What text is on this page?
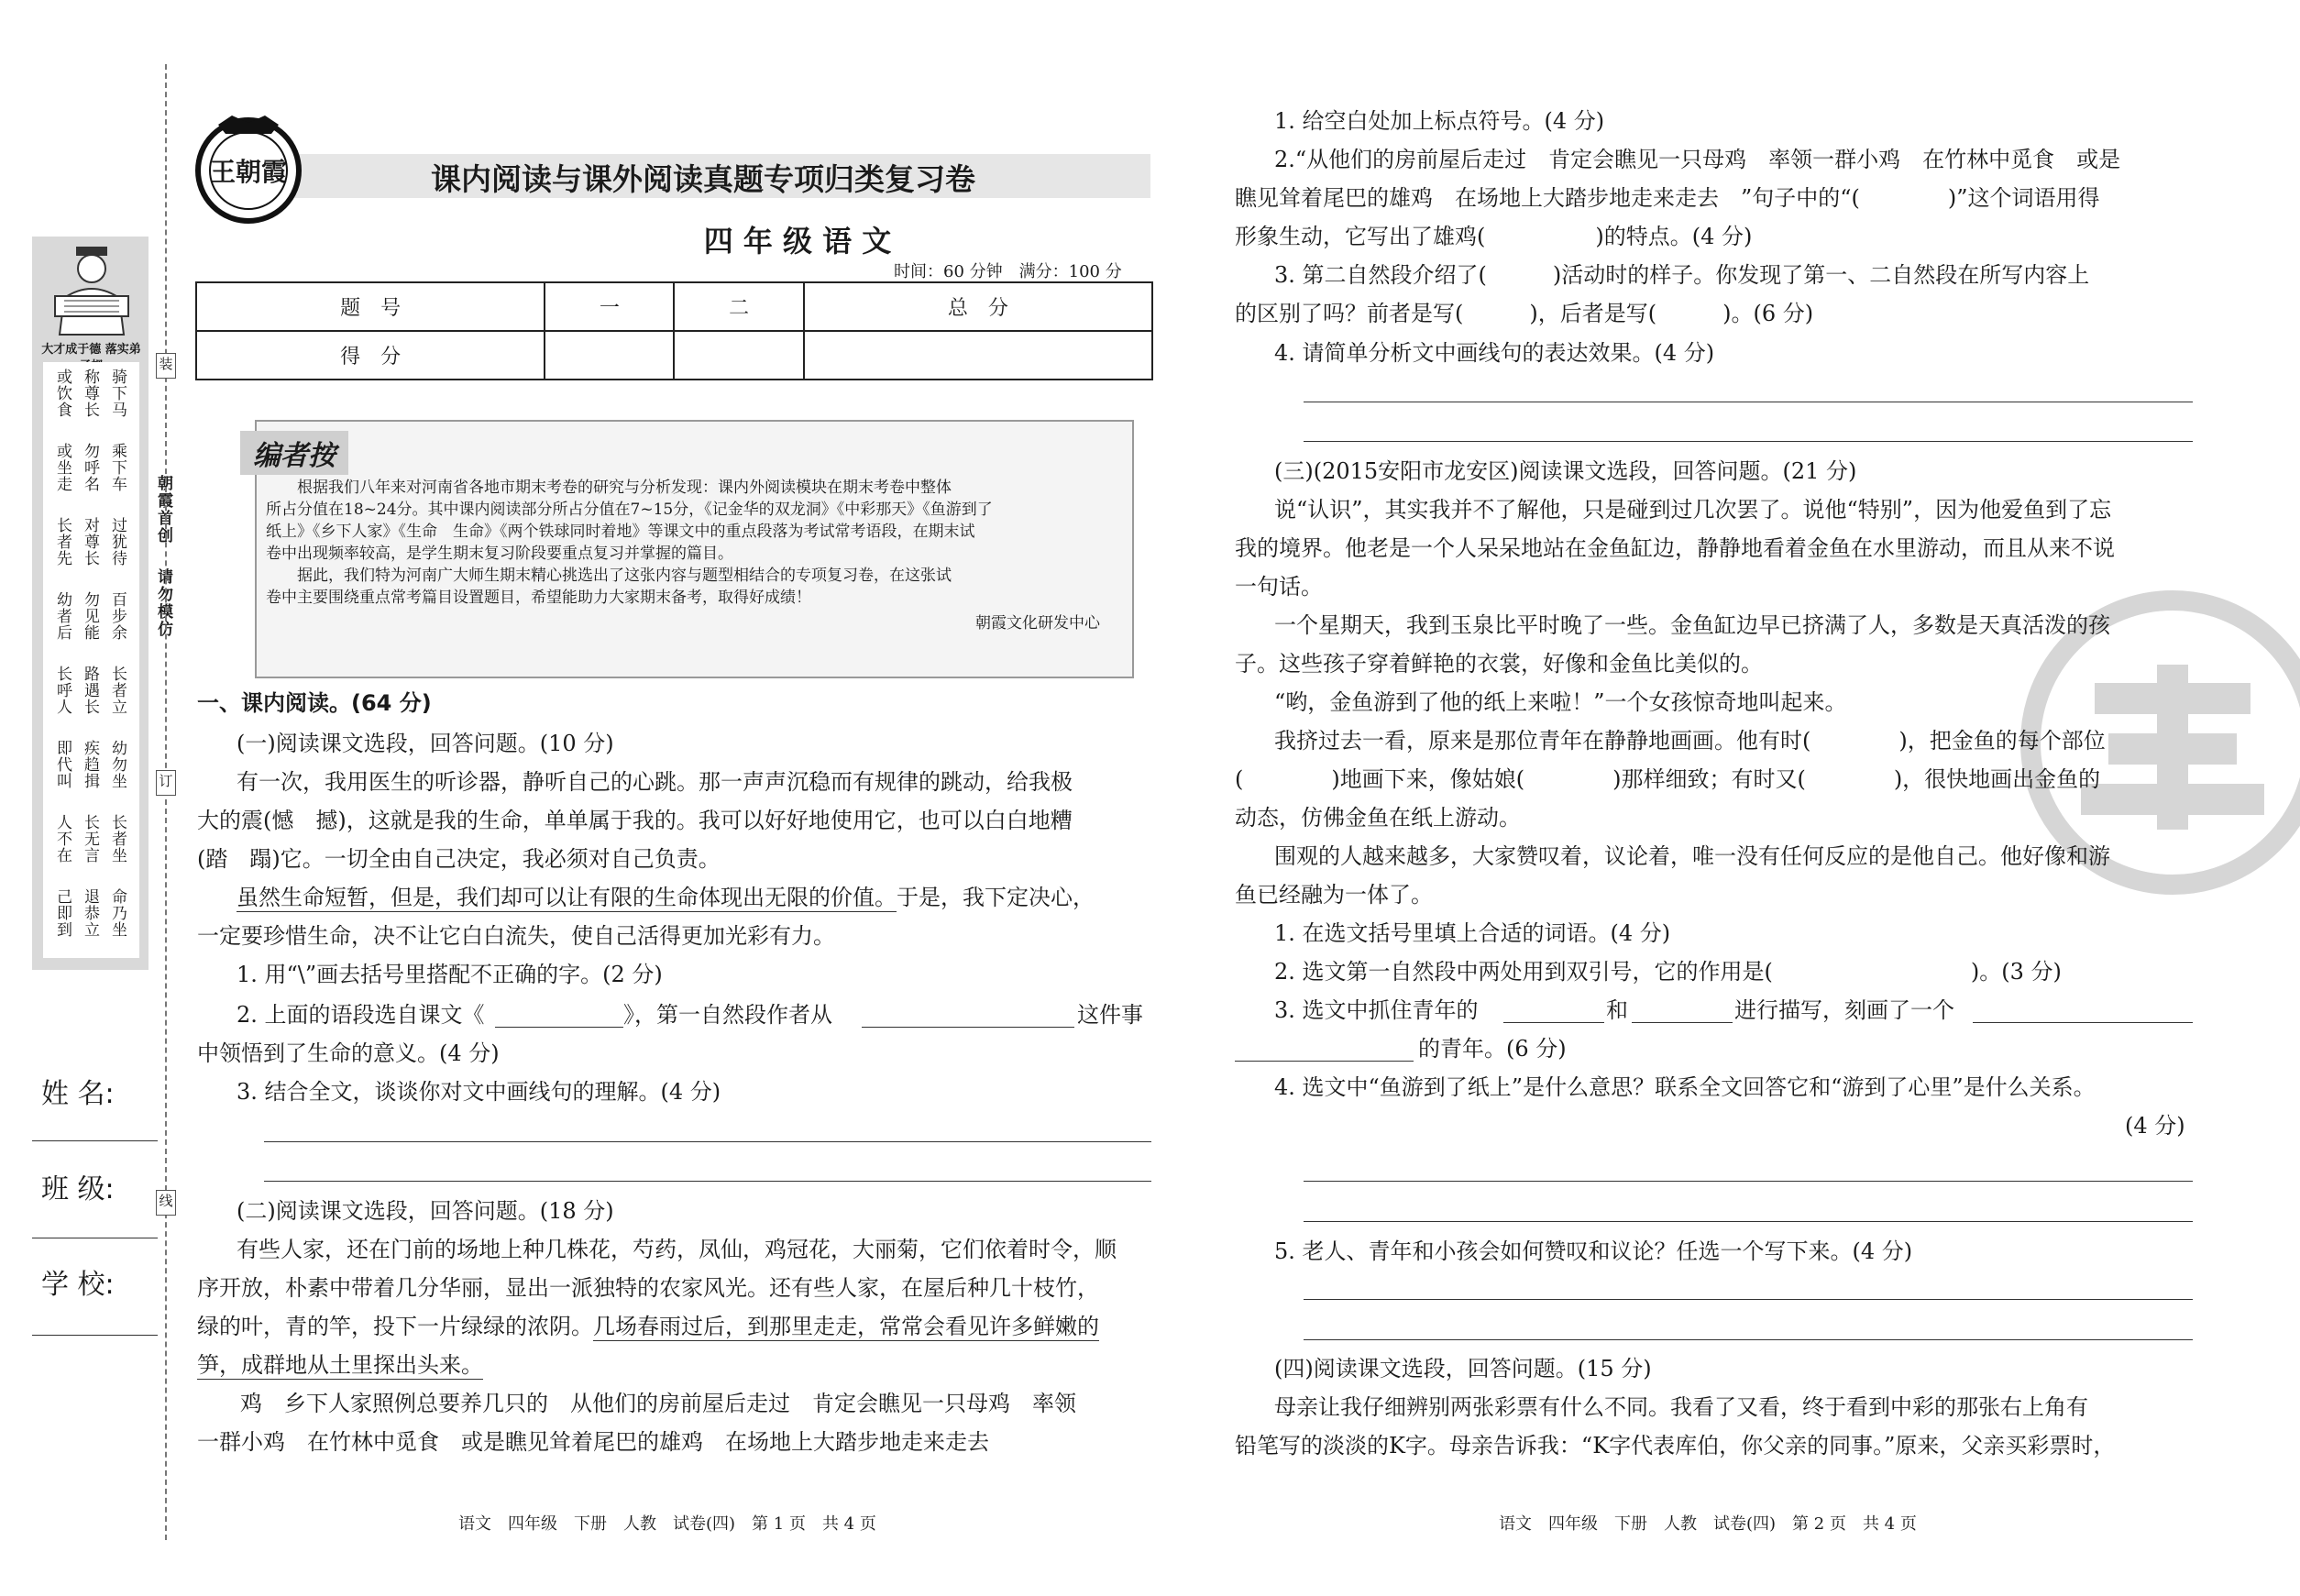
大才成于德 落实弟
骑下马
称尊长
或饮食
乘下车
勿呼名
或坐走
过犹待
对尊长
长者先
百步余
勿见能
幼者后
长者立
路遇长
长呼人
幼勿坐
疾趋揖
即代叫
长者坐
长无言
人不在
命乃坐
退恭立
己即到
朝霞首创
请勿模仿
装
订
线
姓 名:
班 级:
学 校:
王朝霞	课内阅读与课外阅读真题专项归类复习卷
四 年 级 语 文
时间：60 分钟　满分：100 分
题　号	一	二	总　分
得　分			
编者按
根据我们八年来对河南省各地市期末考卷的研究与分析发现：课内外阅读模块在期末考卷中整体
所占分值在18~24分。其中课内阅读部分所占分值在7~15分，《记金华的双龙洞》《中彩那天》《鱼游到了
纸上》《乡下人家》《生命　生命》《两个铁球同时着地》等课文中的重点段落为考试常考语段，在期末试
卷中出现频率较高，是学生期末复习阶段要重点复习并掌握的篇目。
据此，我们特为河南广大师生期末精心挑选出了这张内容与题型相结合的专项复习卷，在这张试
卷中主要围绕重点常考篇目设置题目，希望能助力大家期末备考，取得好成绩！
朝霞文化研发中心
一、课内阅读。(64 分)
(一)阅读课文选段，回答问题。(10 分)
有一次，我用医生的听诊器，静听自己的心跳。那一声声沉稳而有规律的跳动，给我极
大的震(憾　撼)，这就是我的生命，单单属于我的。我可以好好地使用它，也可以白白地糟
(踏　蹋)它。一切全由自己决定，我必须对自己负责。
虽然生命短暂，但是，我们却可以让有限的生命体现出无限的价值。于是，我下定决心，
一定要珍惜生命，决不让它白白流失，使自己活得更加光彩有力。
1. 用“\”画去括号里搭配不正确的字。(2 分)
2. 上面的语段选自课文《	》，第一自然段作者从	这件事
中领悟到了生命的意义。(4 分)
3. 结合全文，谈谈你对文中画线句的理解。(4 分)
(二)阅读课文选段，回答问题。(18 分)
有些人家，还在门前的场地上种几株花，芍药，凤仙，鸡冠花，大丽菊，它们依着时令，顺
序开放，朴素中带着几分华丽，显出一派独特的农家风光。还有些人家，在屋后种几十枝竹，
绿的叶，青的竿，投下一片绿绿的浓阴。几场春雨过后，到那里走走，常常会看见许多鲜嫩的
笋，成群地从土里探出头来。
鸡　乡下人家照例总要养几只的　从他们的房前屋后走过　肯定会瞧见一只母鸡　率领
一群小鸡　在竹林中觅食　或是瞧见耸着尾巴的雄鸡　在场地上大踏步地走来走去
语文　四年级　下册　人教　试卷(四)　第 1 页　共 4 页
1. 给空白处加上标点符号。(4 分)
2.“从他们的房前屋后走过　肯定会瞧见一只母鸡　率领一群小鸡　在竹林中觅食　或是
瞧见耸着尾巴的雄鸡　在场地上大踏步地走来走去　”句子中的“(　　　　)”这个词语用得
形象生动，它写出了雄鸡(　　　　　)的特点。(4 分)
3. 第二自然段介绍了(　　　)活动时的样子。你发现了第一、二自然段在所写内容上
的区别了吗？前者是写(　　　)，后者是写(　　　)。(6 分)
4. 请简单分析文中画线句的表达效果。(4 分)
(三)(2015安阳市龙安区)阅读课文选段，回答问题。(21 分)
说“认识”，其实我并不了解他，只是碰到过几次罢了。说他“特别”，因为他爱鱼到了忘
我的境界。他老是一个人呆呆地站在金鱼缸边，静静地看着金鱼在水里游动，而且从来不说
一句话。
一个星期天，我到玉泉比平时晚了一些。金鱼缸边早已挤满了人，多数是天真活泼的孩
子。这些孩子穿着鲜艳的衣裳，好像和金鱼比美似的。
“哟，金鱼游到了他的纸上来啦！”一个女孩惊奇地叫起来。
我挤过去一看，原来是那位青年在静静地画画。他有时(　　　　)，把金鱼的每个部位
(　　　　)地画下来，像姑娘(　　　　)那样细致；有时又(　　　　)，很快地画出金鱼的
动态，仿佛金鱼在纸上游动。
围观的人越来越多，大家赞叹着，议论着，唯一没有任何反应的是他自己。他好像和游
鱼已经融为一体了。
1. 在选文括号里填上合适的词语。(4 分)
2. 选文第一自然段中两处用到双引号，它的作用是(　　　　　　　　　)。(3 分)
3. 选文中抓住青年的	和	进行描写，刻画了一个
的青年。(6 分)
4. 选文中“鱼游到了纸上”是什么意思？联系全文回答它和“游到了心里”是什么关系。
(4 分)
5. 老人、青年和小孩会如何赞叹和议论？任选一个写下来。(4 分)
(四)阅读课文选段，回答问题。(15 分)
母亲让我仔细辨别两张彩票有什么不同。我看了又看，终于看到中彩的那张右上角有
铅笔写的淡淡的K字。母亲告诉我：“K字代表库伯，你父亲的同事。”原来，父亲买彩票时，
语文　四年级　下册　人教　试卷(四)　第 2 页　共 4 页
